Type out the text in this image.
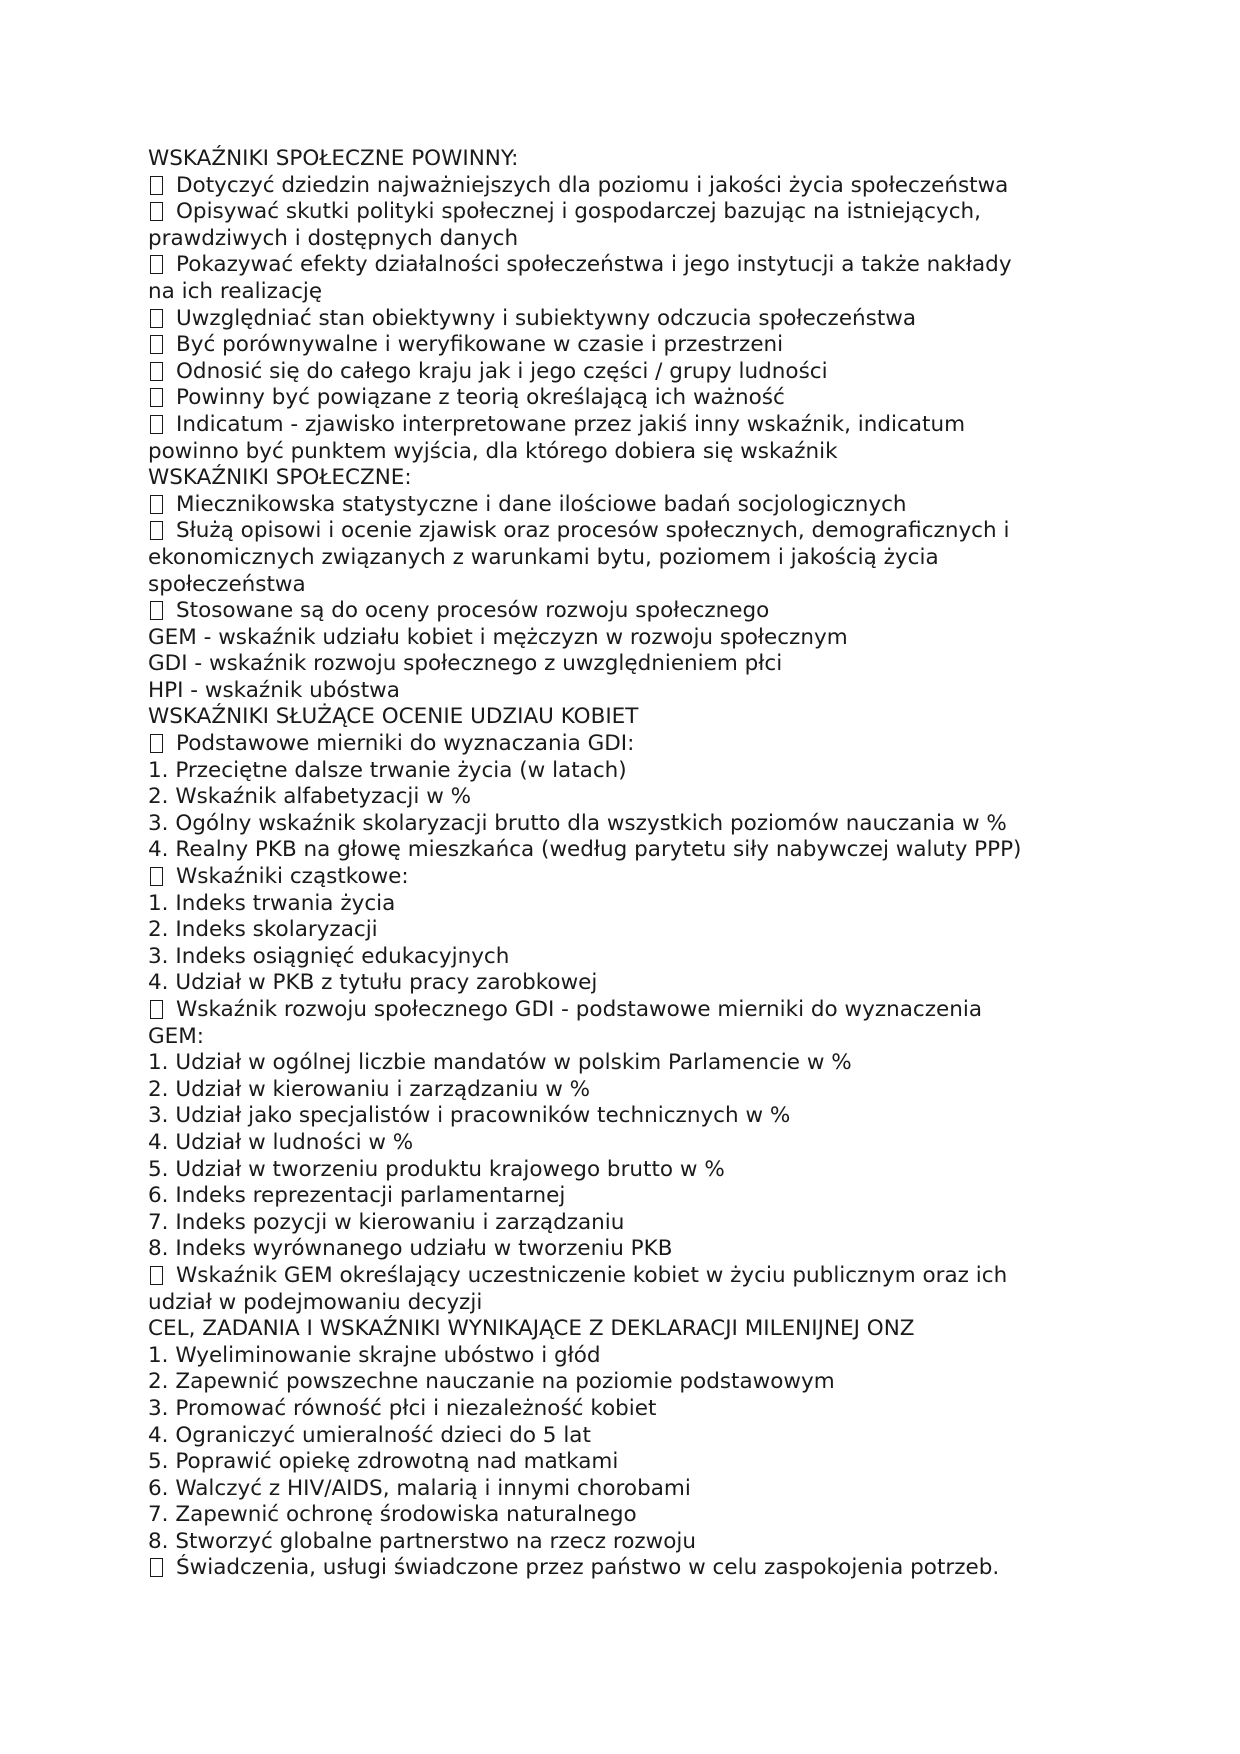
WSKAŹNIKI SPOŁECZNE POWINNY:
Dotyczyć dziedzin najważniejszych dla poziomu i jakości życia społeczeństwa
Opisywać skutki polityki społecznej i gospodarczej bazując na istniejących,
prawdziwych i dostępnych danych
Pokazywać efekty działalności społeczeństwa i jego instytucji a także nakłady
na ich realizację
Uwzględniać stan obiektywny i subiektywny odczucia społeczeństwa
Być porównywalne i weryfikowane w czasie i przestrzeni
Odnosić się do całego kraju jak i jego części / grupy ludności
Powinny być powiązane z teorią określającą ich ważność
Indicatum - zjawisko interpretowane przez jakiś inny wskaźnik, indicatum
powinno być punktem wyjścia, dla którego dobiera się wskaźnik
WSKAŹNIKI SPOŁECZNE:
Miecznikowska statystyczne i dane ilościowe badań socjologicznych
Służą opisowi i ocenie zjawisk oraz procesów społecznych, demograficznych i
ekonomicznych związanych z warunkami bytu, poziomem i jakością życia
społeczeństwa
Stosowane są do oceny procesów rozwoju społecznego
GEM - wskaźnik udziału kobiet i mężczyzn w rozwoju społecznym
GDI - wskaźnik rozwoju społecznego z uwzględnieniem płci
HPI - wskaźnik ubóstwa
WSKAŹNIKI SŁUŻĄCE OCENIE UDZIAU KOBIET
Podstawowe mierniki do wyznaczania GDI:
1. Przeciętne dalsze trwanie życia (w latach)
2. Wskaźnik alfabetyzacji w %
3. Ogólny wskaźnik skolaryzacji brutto dla wszystkich poziomów nauczania w %
4. Realny PKB na głowę mieszkańca (według parytetu siły nabywczej waluty PPP)
Wskaźniki cząstkowe:
1. Indeks trwania życia
2. Indeks skolaryzacji
3. Indeks osiągnięć edukacyjnych
4. Udział w PKB z tytułu pracy zarobkowej
Wskaźnik rozwoju społecznego GDI - podstawowe mierniki do wyznaczenia
GEM:
1. Udział w ogólnej liczbie mandatów w polskim Parlamencie w %
2. Udział w kierowaniu i zarządzaniu w %
3. Udział jako specjalistów i pracowników technicznych w %
4. Udział w ludności w %
5. Udział w tworzeniu produktu krajowego brutto w %
6. Indeks reprezentacji parlamentarnej
7. Indeks pozycji w kierowaniu i zarządzaniu
8. Indeks wyrównanego udziału w tworzeniu PKB
Wskaźnik GEM określający uczestniczenie kobiet w życiu publicznym oraz ich
udział w podejmowaniu decyzji
CEL, ZADANIA I WSKAŹNIKI WYNIKAJĄCE Z DEKLARACJI MILENIJNEJ ONZ
1. Wyeliminowanie skrajne ubóstwo i głód
2. Zapewnić powszechne nauczanie na poziomie podstawowym
3. Promować równość płci i niezależność kobiet
4. Ograniczyć umieralność dzieci do 5 lat
5. Poprawić opiekę zdrowotną nad matkami
6. Walczyć z HIV/AIDS, malarią i innymi chorobami
7. Zapewnić ochronę środowiska naturalnego
8. Stworzyć globalne partnerstwo na rzecz rozwoju
Świadczenia, usługi świadczone przez państwo w celu zaspokojenia potrzeb.
